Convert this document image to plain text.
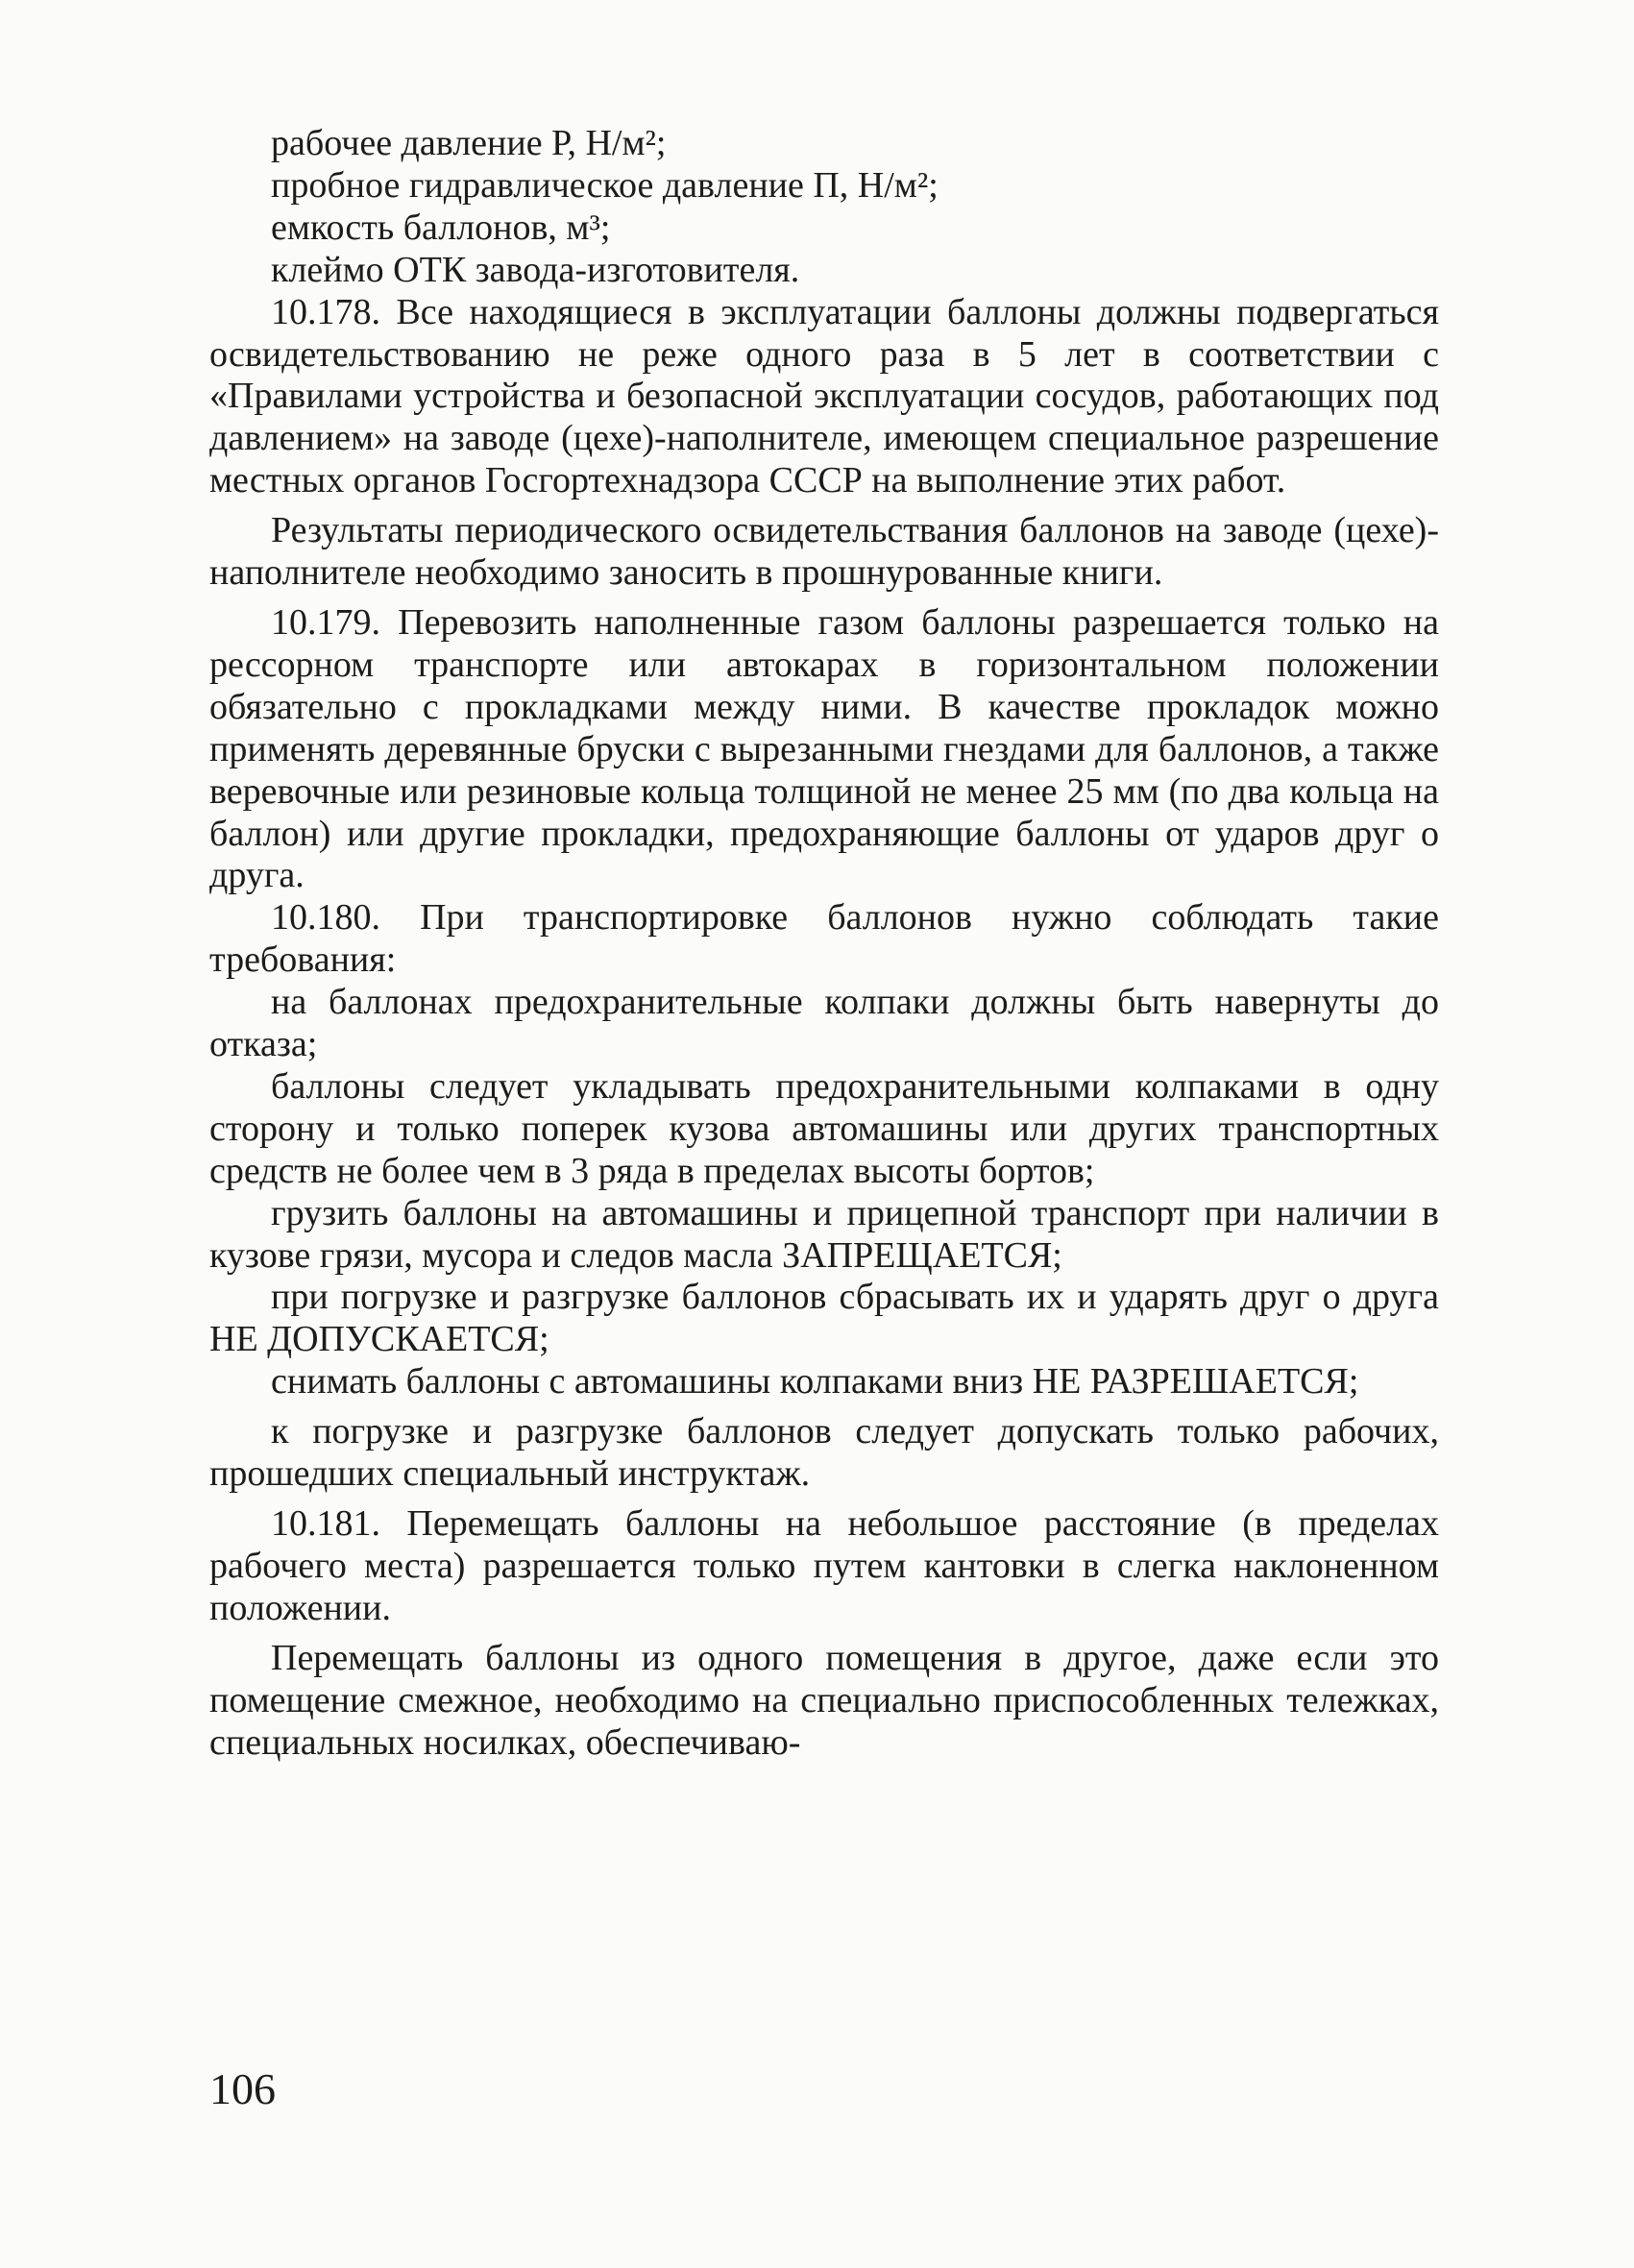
рабочее давление Р, Н/м²;

пробное гидравлическое давление П, Н/м²;

емкость баллонов, м³;

клеймо ОТК завода-изготовителя.

10.178. Все находящиеся в эксплуатации баллоны должны подвергаться освидетельствованию не реже одного раза в 5 лет в соответствии с «Правилами устройства и безопасной эксплуатации сосудов, работающих под давлением» на заводе (цехе)-наполнителе, имеющем специальное разрешение местных органов Госгортехнадзора СССР на выполнение этих работ.

Результаты периодического освидетельствания баллонов на заводе (цехе)-наполнителе необходимо заносить в прошнурованные книги.

10.179. Перевозить наполненные газом баллоны разрешается только на рессорном транспорте или автокарах в горизонтальном положении обязательно с прокладками между ними. В качестве прокладок можно применять деревянные бруски с вырезанными гнездами для баллонов, а также веревочные или резиновые кольца толщиной не менее 25 мм (по два кольца на баллон) или другие прокладки, предохраняющие баллоны от ударов друг о друга.

10.180. При транспортировке баллонов нужно соблюдать такие требования:

на баллонах предохранительные колпаки должны быть навернуты до отказа;

баллоны следует укладывать предохранительными колпаками в одну сторону и только поперек кузова автомашины или других транспортных средств не более чем в 3 ряда в пределах высоты бортов;

грузить баллоны на автомашины и прицепной транспорт при наличии в кузове грязи, мусора и следов масла ЗАПРЕЩАЕТСЯ;

при погрузке и разгрузке баллонов сбрасывать их и ударять друг о друга НЕ ДОПУСКАЕТСЯ;

снимать баллоны с автомашины колпаками вниз НЕ РАЗРЕШАЕТСЯ;

к погрузке и разгрузке баллонов следует допускать только рабочих, прошедших специальный инструктаж.

10.181. Перемещать баллоны на небольшое расстояние (в пределах рабочего места) разрешается только путем кантовки в слегка наклоненном положении.

Перемещать баллоны из одного помещения в другое, даже если это помещение смежное, необходимо на специально приспособленных тележках, специальных носилках, обеспечиваю-

106
